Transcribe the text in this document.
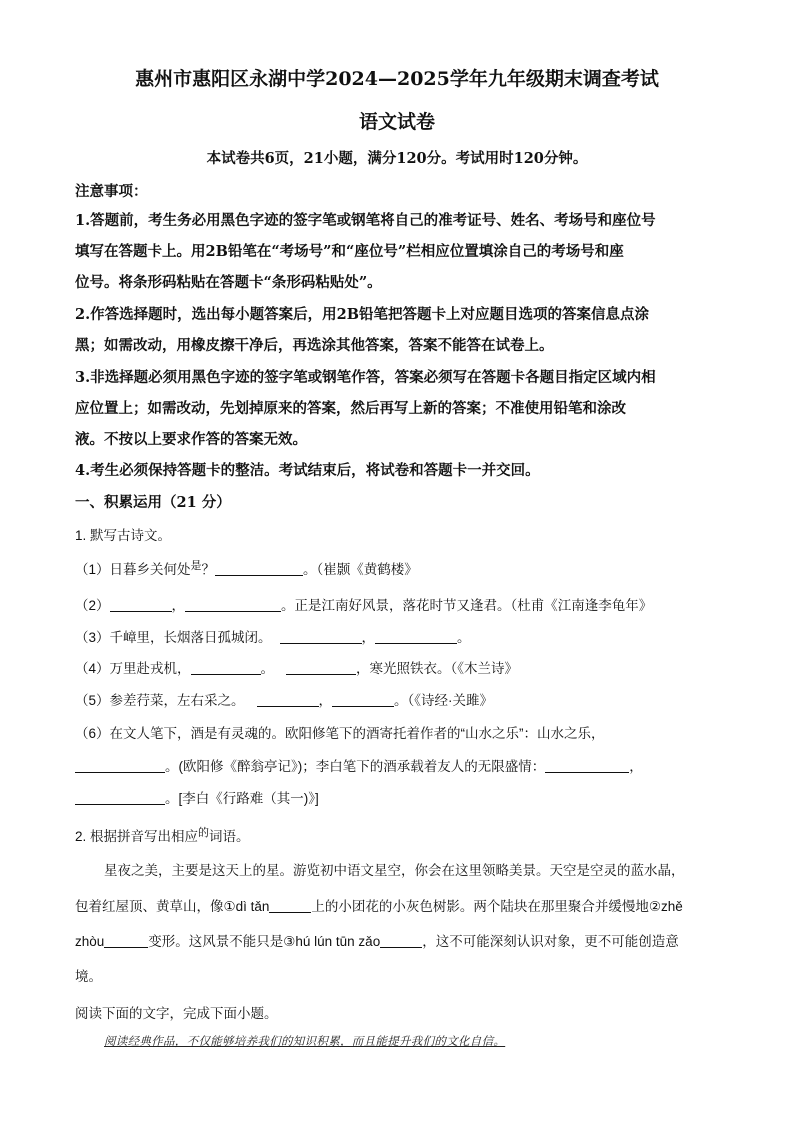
惠州市惠阳区永湖中学2024—2025学年九年级期末调查考试
语文试卷
本试卷共6页，21小题，满分120分。考试用时120分钟。
注意事项：
1.答题前，考生务必用黑色字迹的签字笔或钢笔将自己的准考证号、姓名、考场号和座位号
填写在答题卡上。用2B铅笔在“考场号”和“座位号”栏相应位置填涂自己的考场号和座
位号。将条形码粘贴在答题卡“条形码粘贴处”。
2.作答选择题时，选出每小题答案后，用2B铅笔把答题卡上对应题目选项的答案信息点涂
黑；如需改动，用橡皮擦干净后，再选涂其他答案，答案不能答在试卷上。
3.非选择题必须用黑色字迹的签字笔或钢笔作答，答案必须写在答题卡各题目指定区域内相
应位置上；如需改动，先划掉原来的答案，然后再写上新的答案；不准使用铅笔和涂改
液。不按以上要求作答的答案无效。
4.考生必须保持答题卡的整洁。考试结束后，将试卷和答题卡一并交回。
一、积累运用（21 分）
1. 默写古诗文。
（1）日暮乡关何处$^是$？	。（崔颢《黄鹤楼》
（2）	，	。正是江南好风景，落花时节又逢君。（杜甫《江南逢李龟年》
（3）千嶂里，长烟落日孤城闭。	，	。
（4）万里赴戎机，	。	，寒光照铁衣。（《木兰诗》
（5）参差荇菜，左右采之。	，	。（《诗经·关雎》
（6）在文人笔下，酒是有灵魂的。欧阳修笔下的酒寄托着作者的“山水之乐”：山水之乐，
。(欧阳修《醉翁亭记》)；李白笔下的酒承载着友人的无限盛情：	，
。[李白《行路难（其一)》]
2. 根据拼音写出相应$^的$词语。
星夜之美，主要是这天上的星。游览初中语文星空，你会在这里领略美景。天空是空灵的蓝水晶，
包着红屋顶、黄草山，像①dì tǎn	上的小团花的小灰色树影。两个陆块在那里聚合并缓慢地②zhě
zhòu	变形。这风景不能只是③hú lún tūn zǎo	，这不可能深刻认识对象，更不可能创造意
境。
阅读下面的文字，完成下面小题。
阅读经典作品，不仅能够培养我们的知识积累，而且能提升我们的文化自信。
